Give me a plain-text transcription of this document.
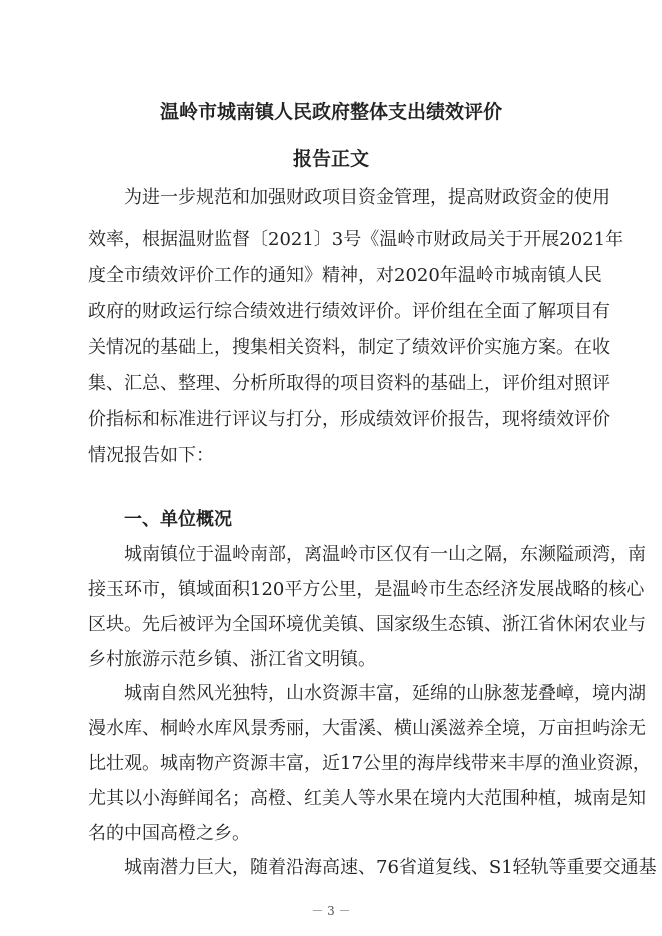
温岭市城南镇人民政府整体支出绩效评价
报告正文
为进一步规范和加强财政项目资金管理，提高财政资金的使用
效率，根据温财监督〔2021〕3号《温岭市财政局关于开展2021年
度全市绩效评价工作的通知》精神，对2020年温岭市城南镇人民
政府的财政运行综合绩效进行绩效评价。评价组在全面了解项目有
关情况的基础上，搜集相关资料，制定了绩效评价实施方案。在收
集、汇总、整理、分析所取得的项目资料的基础上，评价组对照评
价指标和标准进行评议与打分，形成绩效评价报告，现将绩效评价
情况报告如下：
一、单位概况
城南镇位于温岭南部，离温岭市区仅有一山之隔，东濒隘顽湾，南
接玉环市，镇域面积120平方公里，是温岭市生态经济发展战略的核心
区块。先后被评为全国环境优美镇、国家级生态镇、浙江省休闲农业与
乡村旅游示范乡镇、浙江省文明镇。
城南自然风光独特，山水资源丰富，延绵的山脉葱茏叠嶂，境内湖
漫水库、桐岭水库风景秀丽，大雷溪、横山溪滋养全境，万亩担屿涂无
比壮观。城南物产资源丰富，近17公里的海岸线带来丰厚的渔业资源，
尤其以小海鲜闻名；高橙、红美人等水果在境内大范围种植，城南是知
名的中国高橙之乡。
城南潜力巨大，随着沿海高速、76省道复线、S1轻轨等重要交通基
－ 3 －
